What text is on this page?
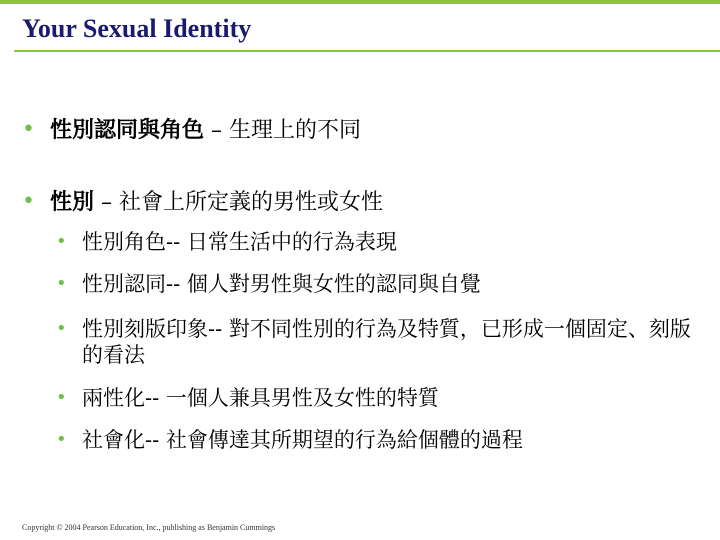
Your Sexual Identity
• 性別認同與角色 – 生理上的不同
• 性別 – 社會上所定義的男性或女性
• 性別角色-- 日常生活中的行為表現
• 性別認同-- 個人對男性與女性的認同與自覺
• 性別刻版印象-- 對不同性別的行為及特質，已形成一個固定、刻版的看法
• 兩性化-- 一個人兼具男性及女性的特質
• 社會化-- 社會傳達其所期望的行為給個體的過程
Copyright © 2004 Pearson Education, Inc., publishing as Benjamin Cummings
